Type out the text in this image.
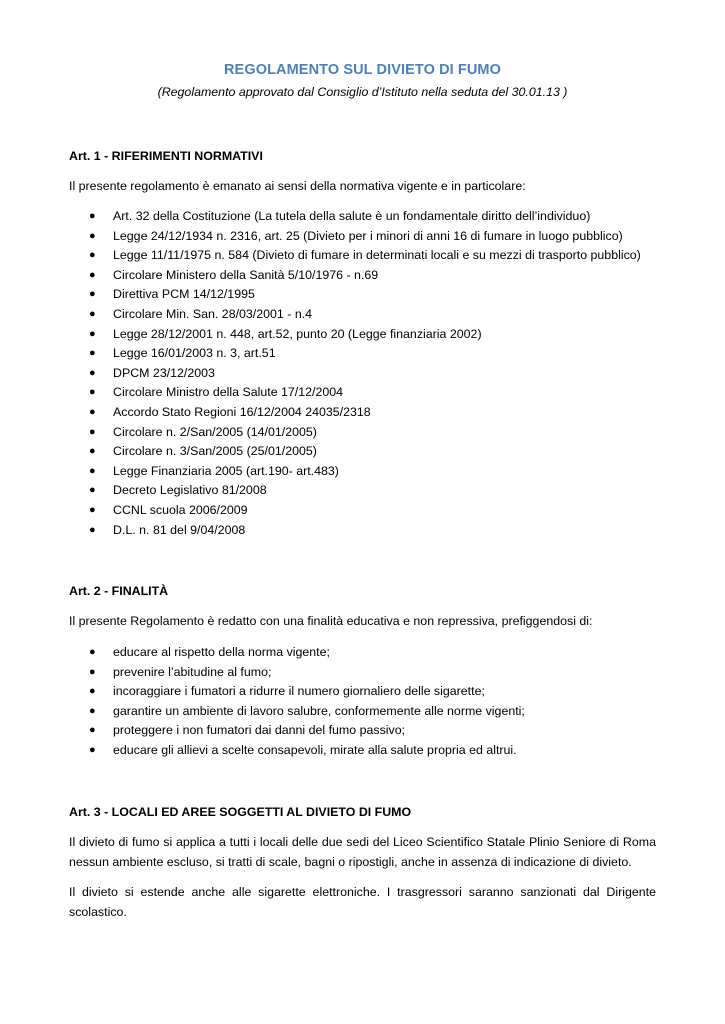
REGOLAMENTO SUL DIVIETO DI FUMO
(Regolamento approvato dal Consiglio d’Istituto nella seduta del 30.01.13 )
Art. 1 - RIFERIMENTI NORMATIVI
Il presente regolamento è emanato ai sensi della normativa vigente e in particolare:
● Art. 32 della Costituzione (La tutela della salute è un fondamentale diritto dell’individuo)
● Legge 24/12/1934 n. 2316, art. 25 (Divieto per i minori di anni 16 di fumare in luogo pubblico)
● Legge 11/11/1975 n. 584 (Divieto di fumare in determinati locali e su mezzi di trasporto pubblico)
● Circolare Ministero della Sanità 5/10/1976 - n.69
● Direttiva PCM 14/12/1995
● Circolare Min. San. 28/03/2001 - n.4
● Legge 28/12/2001 n. 448, art.52, punto 20 (Legge finanziaria 2002)
● Legge 16/01/2003 n. 3, art.51
● DPCM 23/12/2003
● Circolare Ministro della Salute 17/12/2004
● Accordo Stato Regioni 16/12/2004 24035/2318
● Circolare n. 2/San/2005 (14/01/2005)
● Circolare n. 3/San/2005 (25/01/2005)
● Legge Finanziaria 2005 (art.190- art.483)
● Decreto Legislativo 81/2008
● CCNL scuola 2006/2009
● D.L. n. 81 del 9/04/2008
Art. 2 - FINALITÀ
Il presente Regolamento è redatto con una finalità educativa e non repressiva, prefiggendosi di:
● educare al rispetto della norma vigente;
● prevenire l’abitudine al fumo;
● incoraggiare i fumatori a ridurre il numero giornaliero delle sigarette;
● garantire un ambiente di lavoro salubre, conformemente alle norme vigenti;
● proteggere i non fumatori dai danni del fumo passivo;
● educare gli allievi a scelte consapevoli, mirate alla salute propria ed altrui.
Art. 3 - LOCALI ED AREE SOGGETTI AL DIVIETO DI FUMO
Il divieto di fumo si applica a tutti i locali delle due sedi del Liceo Scientifico Statale Plinio Seniore di Roma nessun ambiente escluso, si tratti di scale, bagni o ripostigli, anche in assenza di indicazione di divieto.
Il divieto si estende anche alle sigarette elettroniche. I trasgressori saranno sanzionati dal Dirigente scolastico.
